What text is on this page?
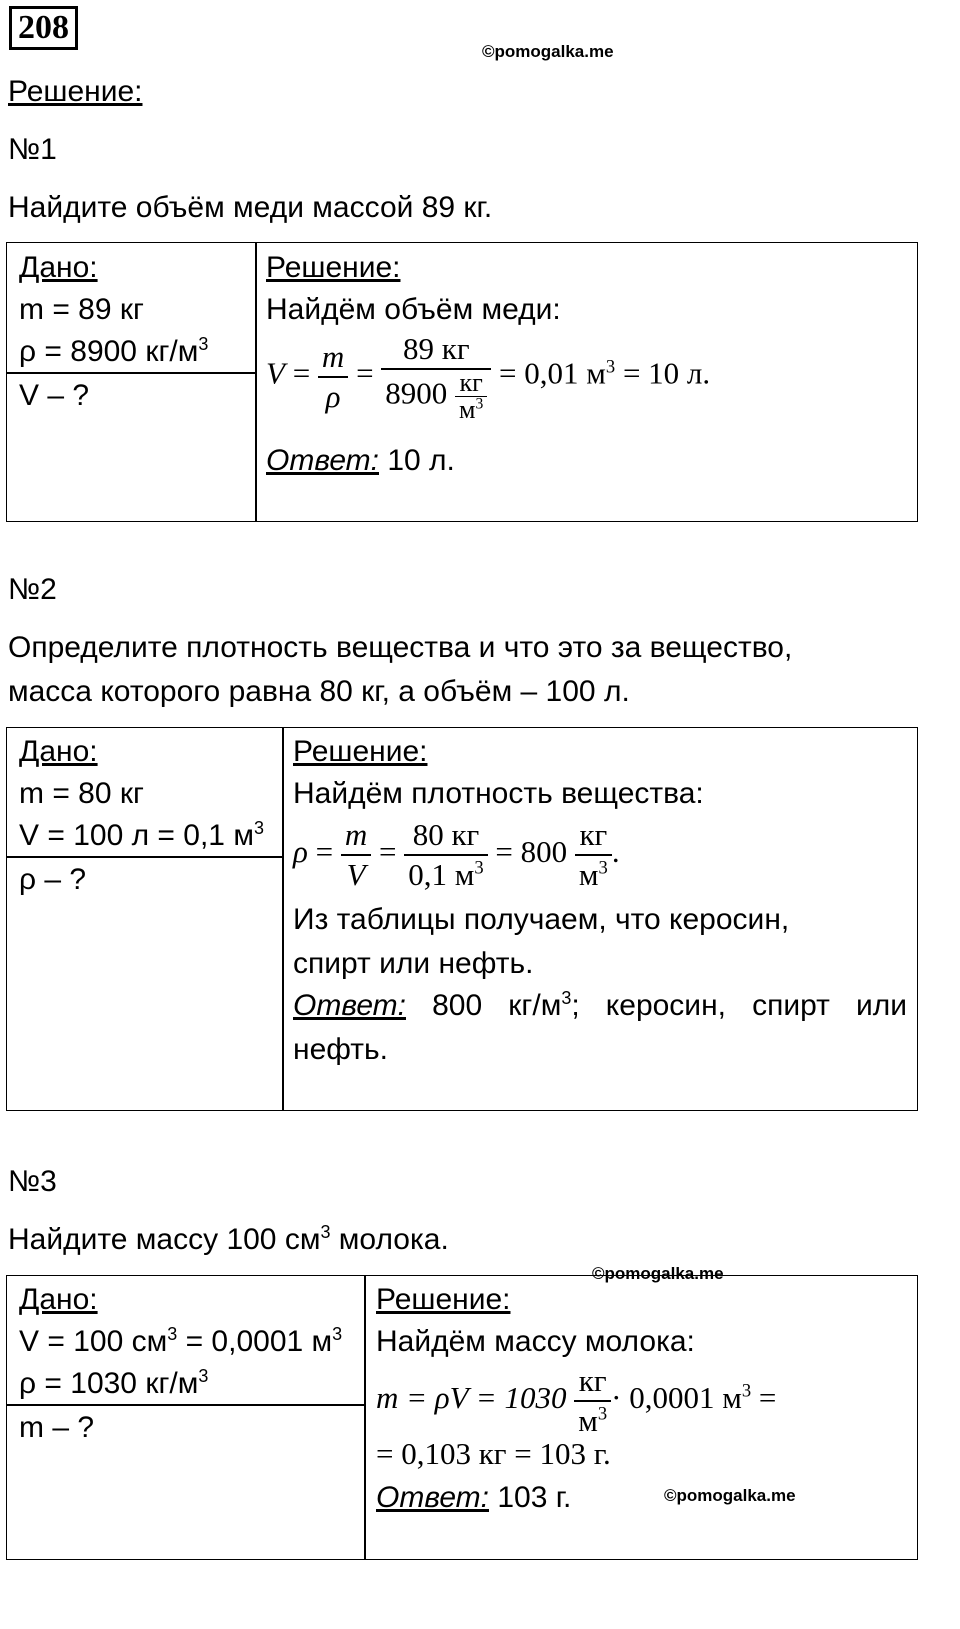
208
©pomogalka.me
Решение:
№1
Найдите объём меди массой 89 кг.
Дано:
m = 89 кг
ρ = 8900 $кг/м^3$
V – ?
Решение:
Найдём объём меди:
$V = \frac{m}{\rho} = \frac{89 кг}{8900 \frac{кг}{м^3}} = 0,01$ $м^3 = 10$ л.
Ответ: 10 л.
№2
Определите плотность вещества и что это за вещество,
масса которого равна 80 кг, а объём – 100 л.
Дано:
m = 80 кг
V = 100 л = 0,1 $м^3$
ρ – ?
Решение:
Найдём плотность вещества:
$\rho = \frac{m}{V} = \frac{80 кг}{0,1 м^3} = 800 \frac{кг}{м^3}$ .
Из таблицы получаем, что керосин,
спирт или нефть.
Ответ: 800 $кг/м^3$; керосин, спирт или
нефть.
№3
Найдите массу 100 $см^3$ молока.
©pomogalka.me
Дано:
V = 100 $см^3 = 0,0001$ $м^3$
ρ = 1030 $кг/м^3$
m – ?
Решение:
Найдём массу молока:
$m = \rho V = 1030 \frac{кг}{м^3} \cdot 0,0001$ $м^3$ =
= 0,103 кг = 103 г.
Ответ: 103 г.	©pomogalka.me
